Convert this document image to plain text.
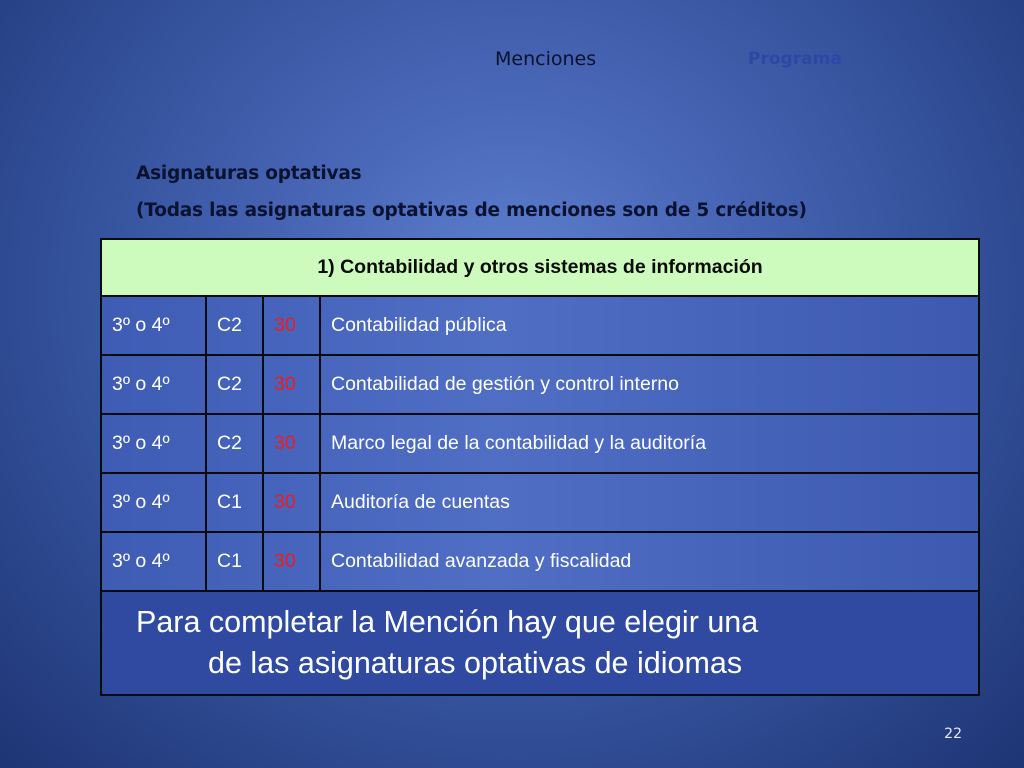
Menciones	Programa
Asignaturas optativas
(Todas las asignaturas optativas de menciones son de 5 créditos)
1) Contabilidad y otros sistemas de información
3º o 4º	C2	30	Contabilidad pública
3º o 4º	C2	30	Contabilidad de gestión y control interno
3º o 4º	C2	30	Marco legal de la contabilidad y la auditoría
3º o 4º	C1	30	Auditoría de cuentas
3º o 4º	C1	30	Contabilidad avanzada y fiscalidad
Para completar la Mención hay que elegir una
de las asignaturas optativas de idiomas
22
